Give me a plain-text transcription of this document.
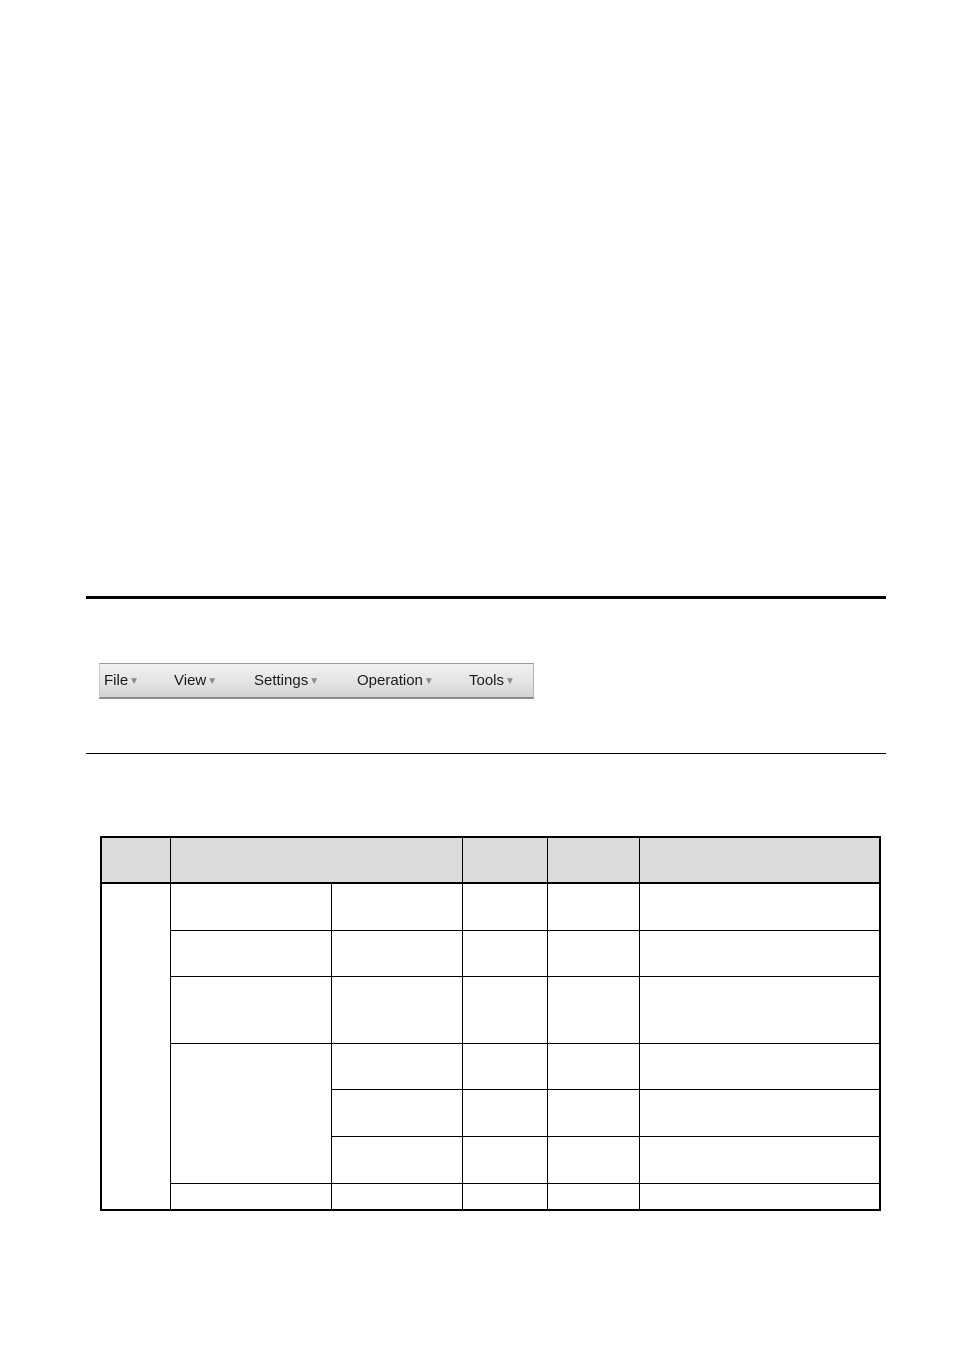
File▼ View▼ Settings▼	Operation▼ Tools▼
